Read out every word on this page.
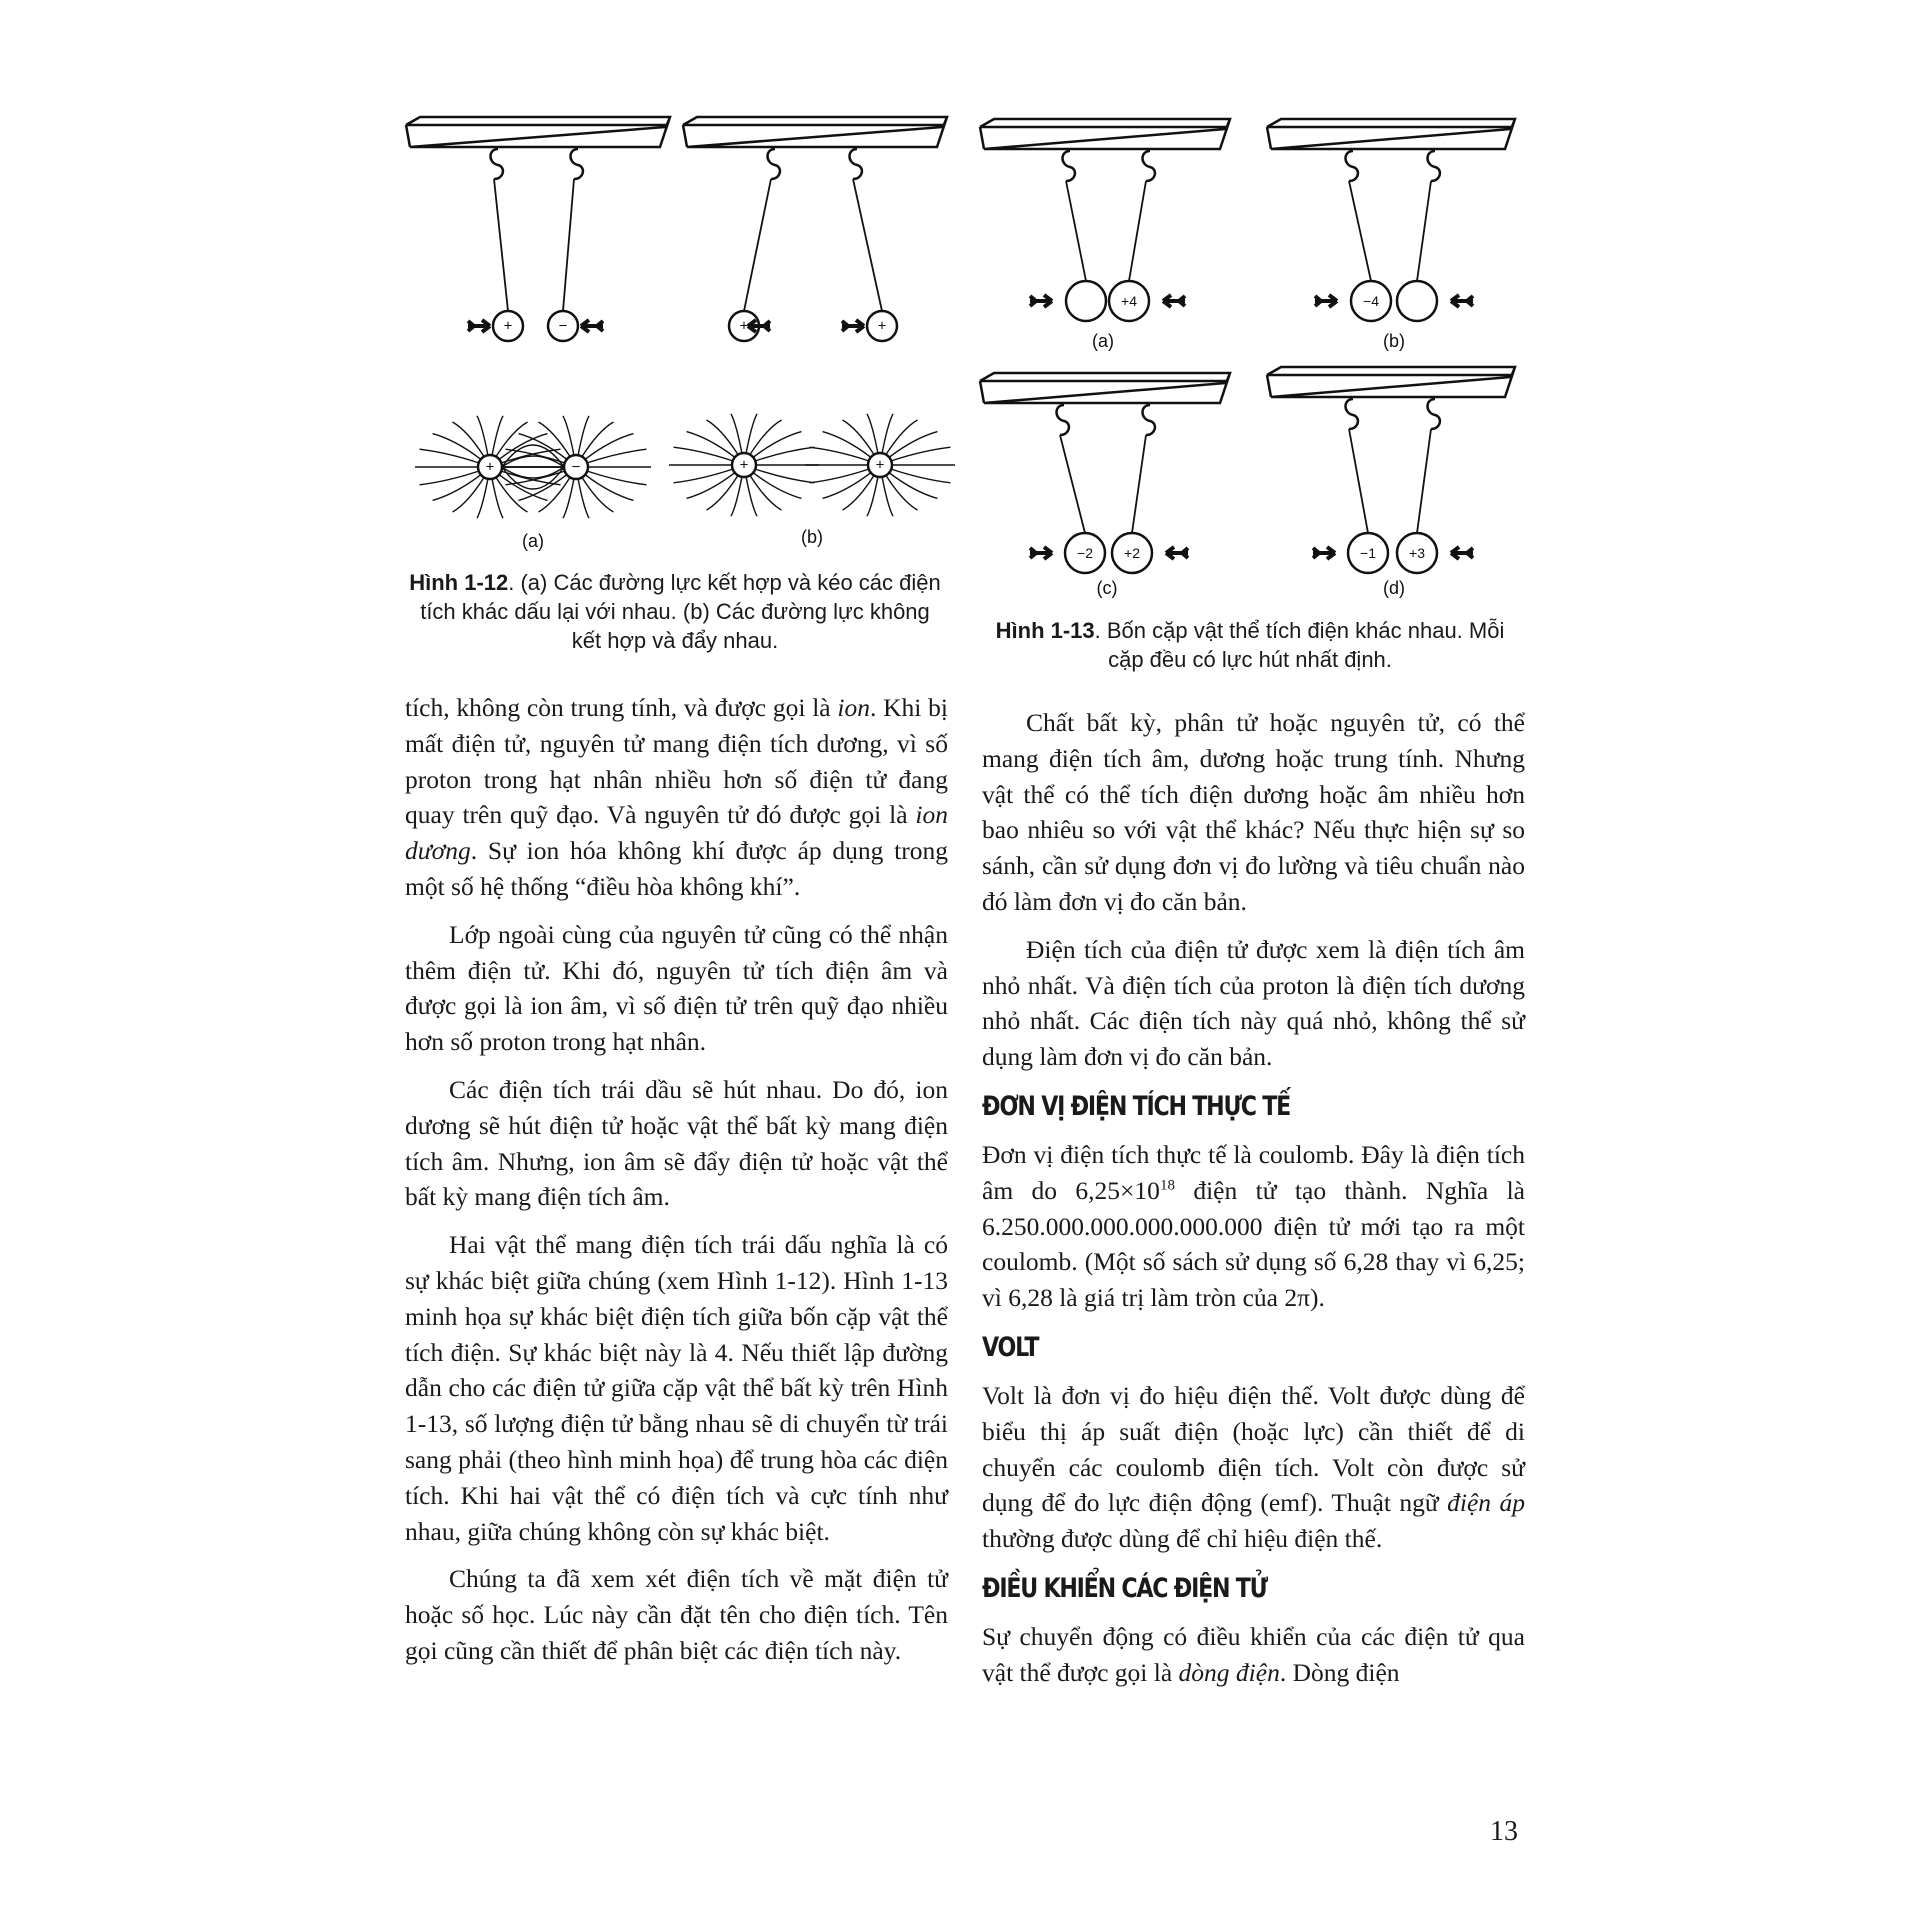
+	−	+	+
+	−	+	+
(a)	(b)
+4	−4
−2 +2	−1 +3
(a)	(b)
(c)	(d)
Hình 1-12. (a) Các đường lực kết hợp và kéo các điện tích khác dấu lại với nhau. (b) Các đường lực không kết hợp và đẩy nhau.	Hình 1-13. Bốn cặp vật thể tích điện khác nhau. Mỗi cặp đều có lực hút nhất định.

tích, không còn trung tính, và được gọi là ion. Khi bị mất điện tử, nguyên tử mang điện tích dương, vì số proton trong hạt nhân nhiều hơn số điện tử đang quay trên quỹ đạo. Và nguyên tử đó được gọi là ion dương. Sự ion hóa không khí được áp dụng trong một số hệ thống “điều hòa không khí”.

Lớp ngoài cùng của nguyên tử cũng có thể nhận thêm điện tử. Khi đó, nguyên tử tích điện âm và được gọi là ion âm, vì số điện tử trên quỹ đạo nhiều hơn số proton trong hạt nhân.

Các điện tích trái dầu sẽ hút nhau. Do đó, ion dương sẽ hút điện tử hoặc vật thể bất kỳ mang điện tích âm. Nhưng, ion âm sẽ đẩy điện tử hoặc vật thể bất kỳ mang điện tích âm.

Hai vật thể mang điện tích trái dấu nghĩa là có sự khác biệt giữa chúng (xem Hình 1-12). Hình 1-13 minh họa sự khác biệt điện tích giữa bốn cặp vật thể tích điện. Sự khác biệt này là 4. Nếu thiết lập đường dẫn cho các điện tử giữa cặp vật thể bất kỳ trên Hình 1-13, số lượng điện tử bằng nhau sẽ di chuyển từ trái sang phải (theo hình minh họa) để trung hòa các điện tích. Khi hai vật thể có điện tích và cực tính như nhau, giữa chúng không còn sự khác biệt.

Chúng ta đã xem xét điện tích về mặt điện tử hoặc số học. Lúc này cần đặt tên cho điện tích. Tên gọi cũng cần thiết để phân biệt các điện tích này.

Chất bất kỳ, phân tử hoặc nguyên tử, có thể mang điện tích âm, dương hoặc trung tính. Nhưng vật thể có thể tích điện dương hoặc âm nhiều hơn bao nhiêu so với vật thể khác? Nếu thực hiện sự so sánh, cần sử dụng đơn vị đo lường và tiêu chuẩn nào đó làm đơn vị đo căn bản.

Điện tích của điện tử được xem là điện tích âm nhỏ nhất. Và điện tích của proton là điện tích dương nhỏ nhất. Các điện tích này quá nhỏ, không thể sử dụng làm đơn vị đo căn bản.

ĐƠN VỊ ĐIỆN TÍCH THỰC TẾ

Đơn vị điện tích thực tế là coulomb. Đây là điện tích âm do $6,25\times 10^{18}$ điện tử tạo thành. Nghĩa là 6.250.000.000.000.000.000 điện tử mới tạo ra một coulomb. (Một số sách sử dụng số 6,28 thay vì 6,25; vì 6,28 là giá trị làm tròn của 2π).

VOLT

Volt là đơn vị đo hiệu điện thế. Volt được dùng để biểu thị áp suất điện (hoặc lực) cần thiết để di chuyển các coulomb điện tích. Volt còn được sử dụng để đo lực điện động (emf). Thuật ngữ điện áp thường được dùng để chỉ hiệu điện thế.

ĐIỀU KHIỂN CÁC ĐIỆN TỬ

Sự chuyển động có điều khiển của các điện tử qua vật thể được gọi là dòng điện. Dòng điện

13
